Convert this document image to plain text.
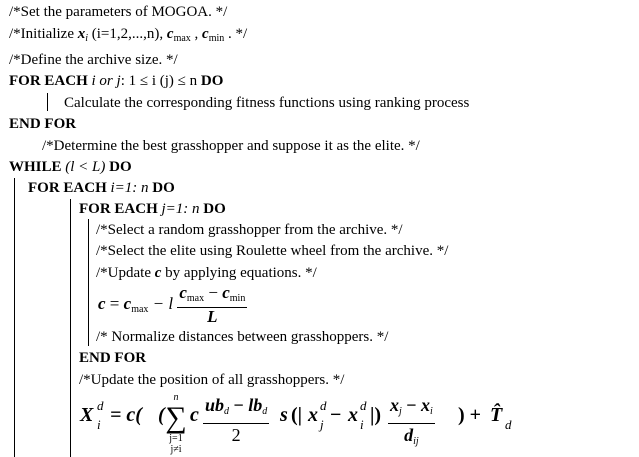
/*Set the parameters of MOGOA. */
/*Initialize $x_i$ (i=1,2,...,n), $c_{max}$ , $c_{min}$ . */
/*Define the archive size. */
FOR EACH i or j: 1 ≤ i (j) ≤ n DO
Calculate the corresponding fitness functions using ranking process
END FOR
/*Determine the best grasshopper and suppose it as the elite. */
WHILE (l < L) DO
FOR EACH i=1: n DO
FOR EACH j=1: n DO
/*Select a random grasshopper from the archive. */
/*Select the elite using Roulette wheel from the archive. */
/*Update c by applying equations. */
$c = c_{max} - l \frac{c_{max} - c_{min}}{L}$
/* Normalize distances between grasshoppers. */
END FOR
/*Update the position of all grasshoppers. */
X d
i = c( (
n
∑
j=1
j≠i
c $ub_d - lb_d$
2
s (| x d
j − x d
i |) $x_j - x_i$
$d_{ij}$
) + T̂ d
